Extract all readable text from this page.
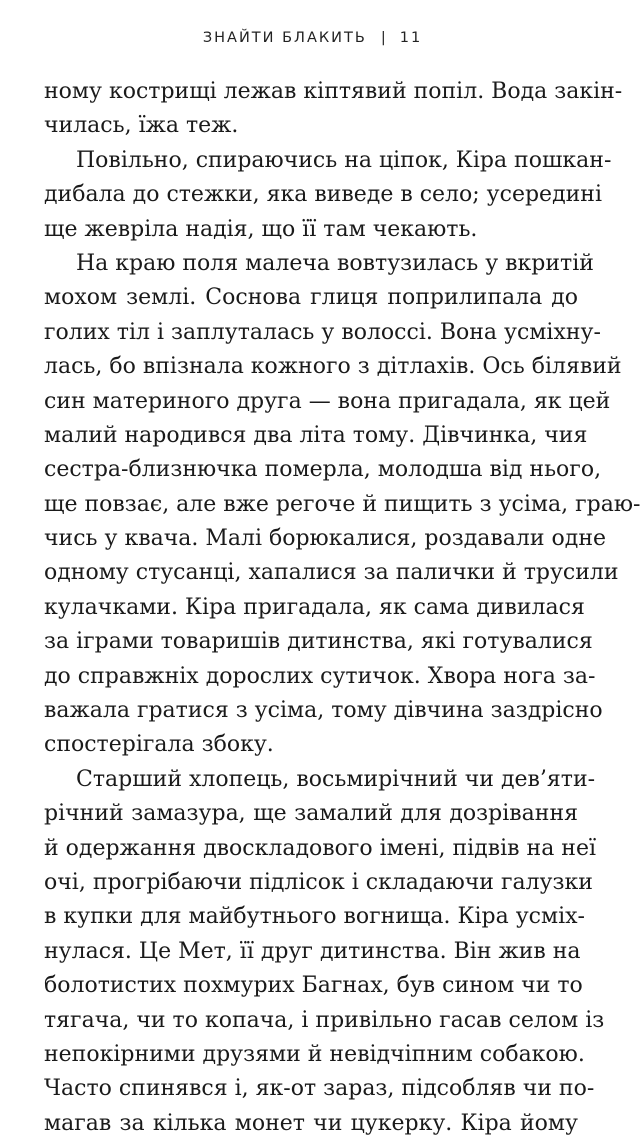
ЗНАЙТИ БЛАКИТЬ | 11
ному кострищі лежав кіптявий попіл. Вода закін-
чилась, їжа теж.
Повільно, спираючись на ціпок, Кіра пошкан-
дибала до стежки, яка виведе в село; усередині
ще жевріла надія, що її там чекають.
На краю поля малеча вовтузилась у вкритій
мохом землі. Соснова глиця поприлипала до
голих тіл і заплуталась у волоссі. Вона усміхну-
лась, бо впізнала кожного з дітлахів. Ось білявий
син материного друга — вона пригадала, як цей
малий народився два літа тому. Дівчинка, чия
сестра-близнючка померла, молодша від нього,
ще повзає, але вже регоче й пищить з усіма, граю-
чись у квача. Малі борюкалися, роздавали одне
одному стусанці, хапалися за палички й трусили
кулачками. Кіра пригадала, як сама дивилася
за іграми товаришів дитинства, які готувалися
до справжніх дорослих сутичок. Хвора нога за-
важала гратися з усіма, тому дівчина заздрісно
спостерігала збоку.
Старший хлопець, восьмирічний чи дев’яти-
річний замазура, ще замалий для дозрівання
й одержання двоскладового імені, підвів на неї
очі, прогрібаючи підлісок і складаючи галузки
в купки для майбутнього вогнища. Кіра усміх-
нулася. Це Мет, її друг дитинства. Він жив на
болотистих похмурих Багнах, був сином чи то
тягача, чи то копача, і привільно гасав селом із
непокірними друзями й невідчіпним собакою.
Часто спинявся і, як-от зараз, підсобляв чи по-
магав за кілька монет чи цукерку. Кіра йому
